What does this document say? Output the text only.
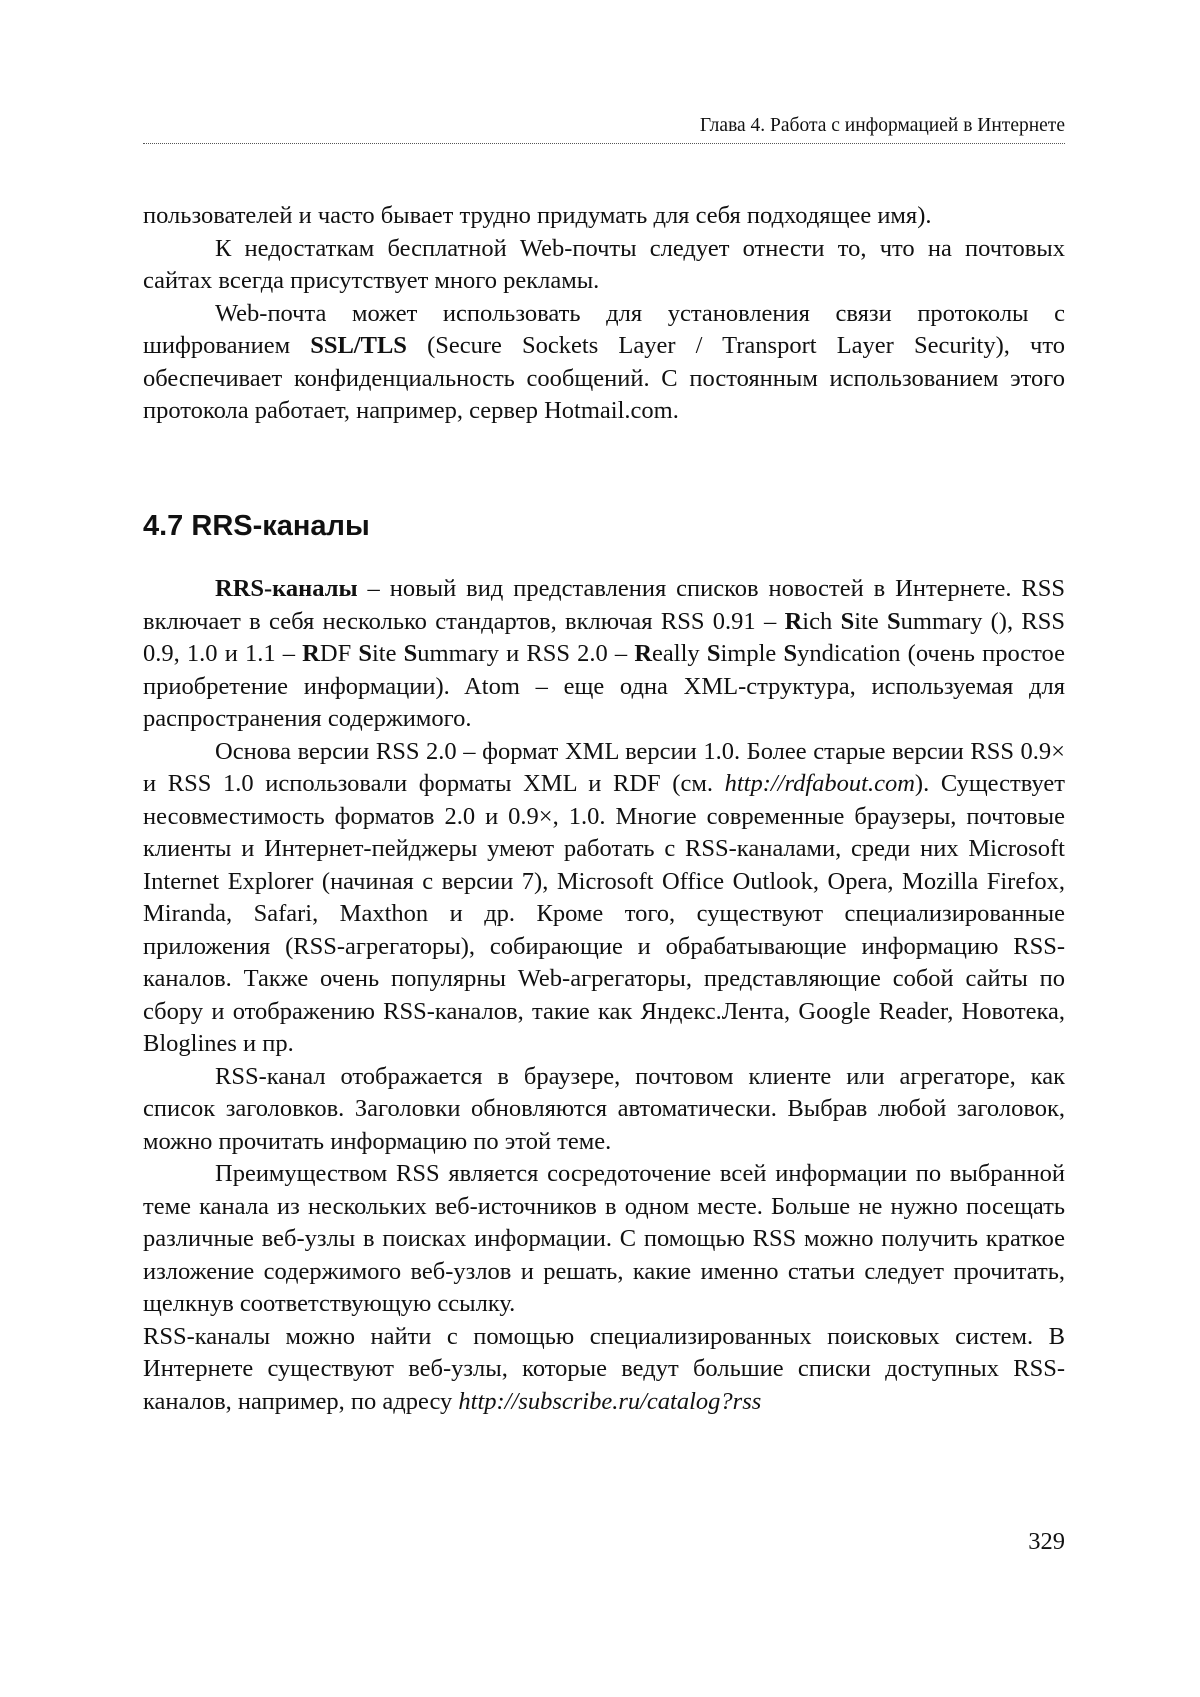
Глава 4. Работа с информацией в Интернете

пользователей и часто бывает трудно придумать для себя подходящее имя).

К недостаткам бесплатной Web-почты следует отнести то, что на почтовых сайтах всегда присутствует много рекламы.

Web-почта может использовать для установления связи протоколы с шифрованием SSL/TLS (Secure Sockets Layer / Transport Layer Security), что обеспечивает конфиденциальность сообщений. С постоянным использованием этого протокола работает, например, сервер Hotmail.com.

4.7 RRS-каналы

RRS-каналы – новый вид представления списков новостей в Интернете. RSS включает в себя несколько стандартов, включая RSS 0.91 – Rich Site Summary (), RSS 0.9, 1.0 и 1.1 – RDF Site Summary и RSS 2.0 – Really Simple Syndication (очень простое приобретение информации). Atom – еще одна XML-структура, используемая для распространения содержимого.

Основа версии RSS 2.0 – формат XML версии 1.0. Более старые версии RSS 0.9× и RSS 1.0 использовали форматы XML и RDF (см. http://rdfabout.com). Существует несовместимость форматов 2.0 и 0.9×, 1.0. Многие современные браузеры, почтовые клиенты и Интернет-пейджеры умеют работать с RSS-каналами, среди них Microsoft Internet Explorer (начиная с версии 7), Microsoft Office Outlook, Opera, Mozilla Firefox, Miranda, Safari, Maxthon и др. Кроме того, существуют специализированные приложения (RSS-агрегаторы), собирающие и обрабатывающие информацию RSS-каналов. Также очень популярны Web-агрегаторы, представляющие собой сайты по сбору и отображению RSS-каналов, такие как Яндекс.Лента, Google Reader, Новотека, Bloglines и пр.

RSS-канал отображается в браузере, почтовом клиенте или агрегаторе, как список заголовков. Заголовки обновляются автоматически. Выбрав любой заголовок, можно прочитать информацию по этой теме.

Преимуществом RSS является сосредоточение всей информации по выбранной теме канала из нескольких веб-источников в одном месте. Больше не нужно посещать различные веб-узлы в поисках информации. С помощью RSS можно получить краткое изложение содержимого веб-узлов и решать, какие именно статьи следует прочитать, щелкнув соответствующую ссылку.

RSS-каналы можно найти с помощью специализированных поисковых систем. В Интернете существуют веб-узлы, которые ведут большие списки доступных RSS-каналов, например, по адресу http://subscribe.ru/catalog?rss

329
